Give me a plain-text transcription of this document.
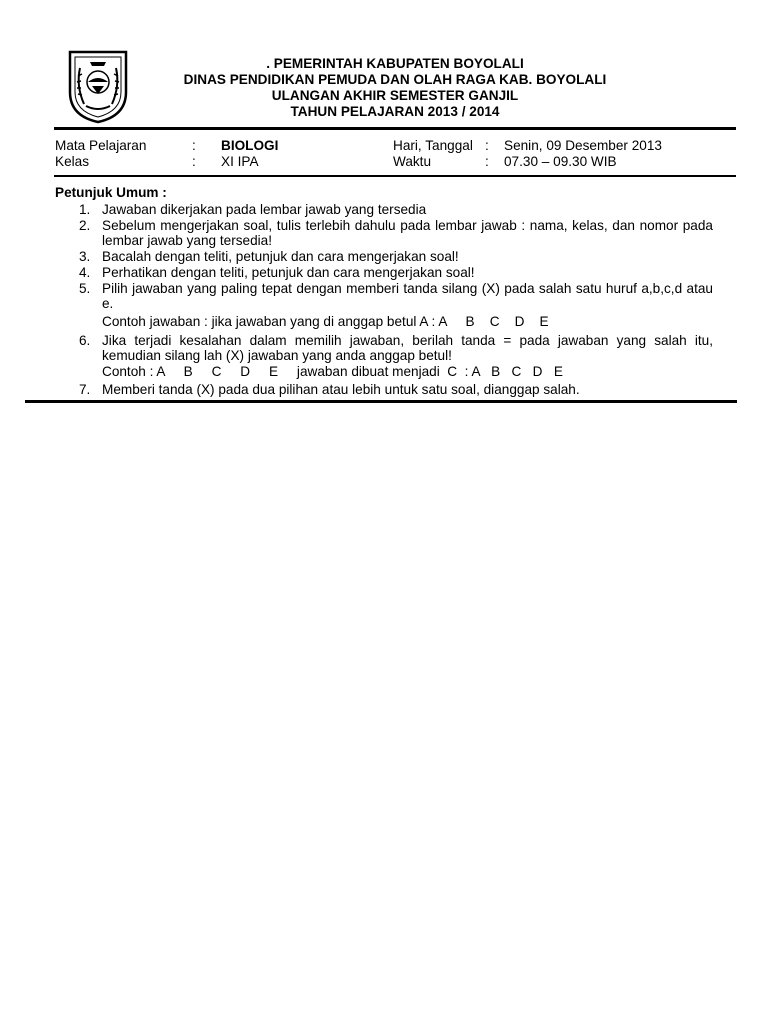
. PEMERINTAH KABUPATEN BOYOLALI
DINAS PENDIDIKAN PEMUDA DAN OLAH RAGA KAB. BOYOLALI
ULANGAN AKHIR SEMESTER GANJIL
TAHUN PELAJARAN 2013 / 2014
Mata Pelajaran	: BIOLOGI	Hari, Tanggal : Senin, 09 Desember 2013
Kelas	: XI IPA	Waktu	: 07.30 – 09.30 WIB
Petunjuk Umum :
1. Jawaban dikerjakan pada lembar jawab yang tersedia
2. Sebelum mengerjakan soal, tulis terlebih dahulu pada lembar jawab : nama, kelas, dan nomor pada lembar jawab yang tersedia!
3. Bacalah dengan teliti, petunjuk dan cara mengerjakan soal!
4. Perhatikan dengan teliti, petunjuk dan cara mengerjakan soal!
5. Pilih jawaban yang paling tepat dengan memberi tanda silang (X) pada salah satu huruf a,b,c,d atau e.
Contoh jawaban : jika jawaban yang di anggap betul A : A     B    C    D    E
6. Jika terjadi kesalahan dalam memilih jawaban, berilah tanda = pada jawaban yang salah itu, kemudian silang lah (X) jawaban yang anda anggap betul!
Contoh : A     B     C     D     E     jawaban dibuat menjadi  C  : A   B   C   D   E
7. Memberi tanda (X) pada dua pilihan atau lebih untuk satu soal, dianggap salah.
